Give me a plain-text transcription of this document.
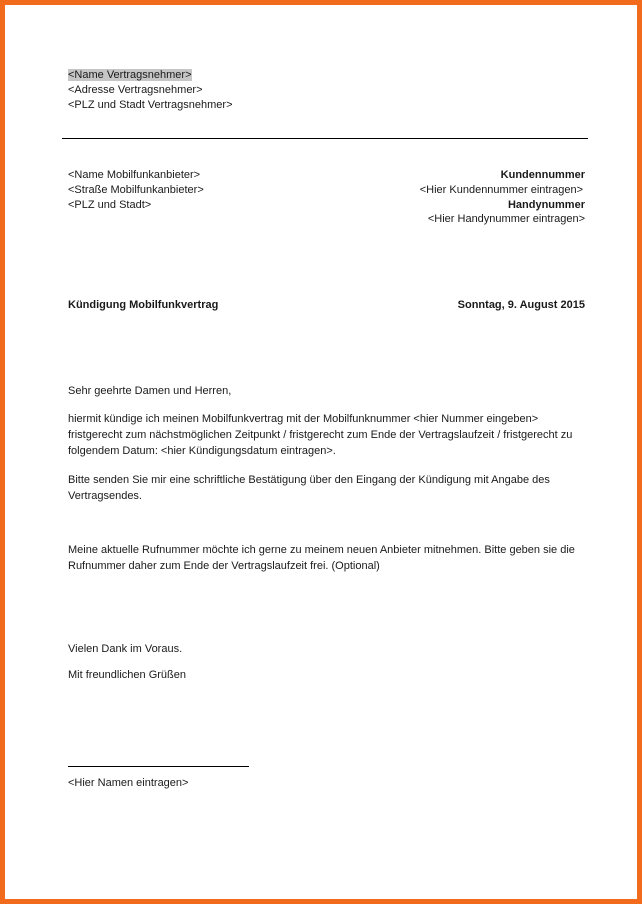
<Name Vertragsnehmer>
<Adresse Vertragsnehmer>
<PLZ und Stadt Vertragsnehmer>
<Name Mobilfunkanbieter>
<Straße Mobilfunkanbieter>
<PLZ und Stadt>
Kundennummer
<Hier Kundennummer eintragen>
Handynummer
<Hier Handynummer eintragen>
Kündigung Mobilfunkvertrag	Sonntag, 9. August 2015
Sehr geehrte Damen und Herren,
hiermit kündige ich meinen Mobilfunkvertrag mit der Mobilfunknummer <hier Nummer eingeben>
fristgerecht zum nächstmöglichen Zeitpunkt / fristgerecht zum Ende der Vertragslaufzeit / fristgerecht zu
folgendem Datum: <hier Kündigungsdatum eintragen>.
Bitte senden Sie mir eine schriftliche Bestätigung über den Eingang der Kündigung mit Angabe des
Vertragsendes.
Meine aktuelle Rufnummer möchte ich gerne zu meinem neuen Anbieter mitnehmen. Bitte geben sie die
Rufnummer daher zum Ende der Vertragslaufzeit frei. (Optional)
Vielen Dank im Voraus.
Mit freundlichen Grüßen
<Hier Namen eintragen>
